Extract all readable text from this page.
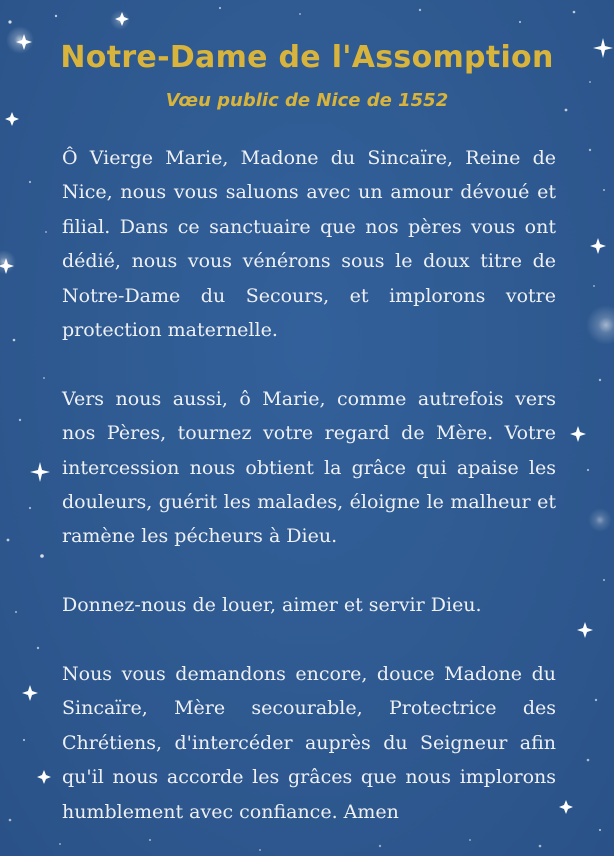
Notre-Dame de l'Assomption
Vœu public de Nice de 1552

Ô Vierge Marie, Madone du Sincaïre, Reine de Nice, nous vous saluons avec un amour dévoué et filial. Dans ce sanctuaire que nos pères vous ont dédié, nous vous vénérons sous le doux titre de Notre-Dame du Secours, et implorons votre protection maternelle.

Vers nous aussi, ô Marie, comme autrefois vers nos Pères, tournez votre regard de Mère. Votre intercession nous obtient la grâce qui apaise les douleurs, guérit les malades, éloigne le malheur et ramène les pécheurs à Dieu.

Donnez-nous de louer, aimer et servir Dieu.

Nous vous demandons encore, douce Madone du Sincaïre, Mère secourable, Protectrice des Chrétiens, d'intercéder auprès du Seigneur afin qu'il nous accorde les grâces que nous implorons humblement avec confiance. Amen
